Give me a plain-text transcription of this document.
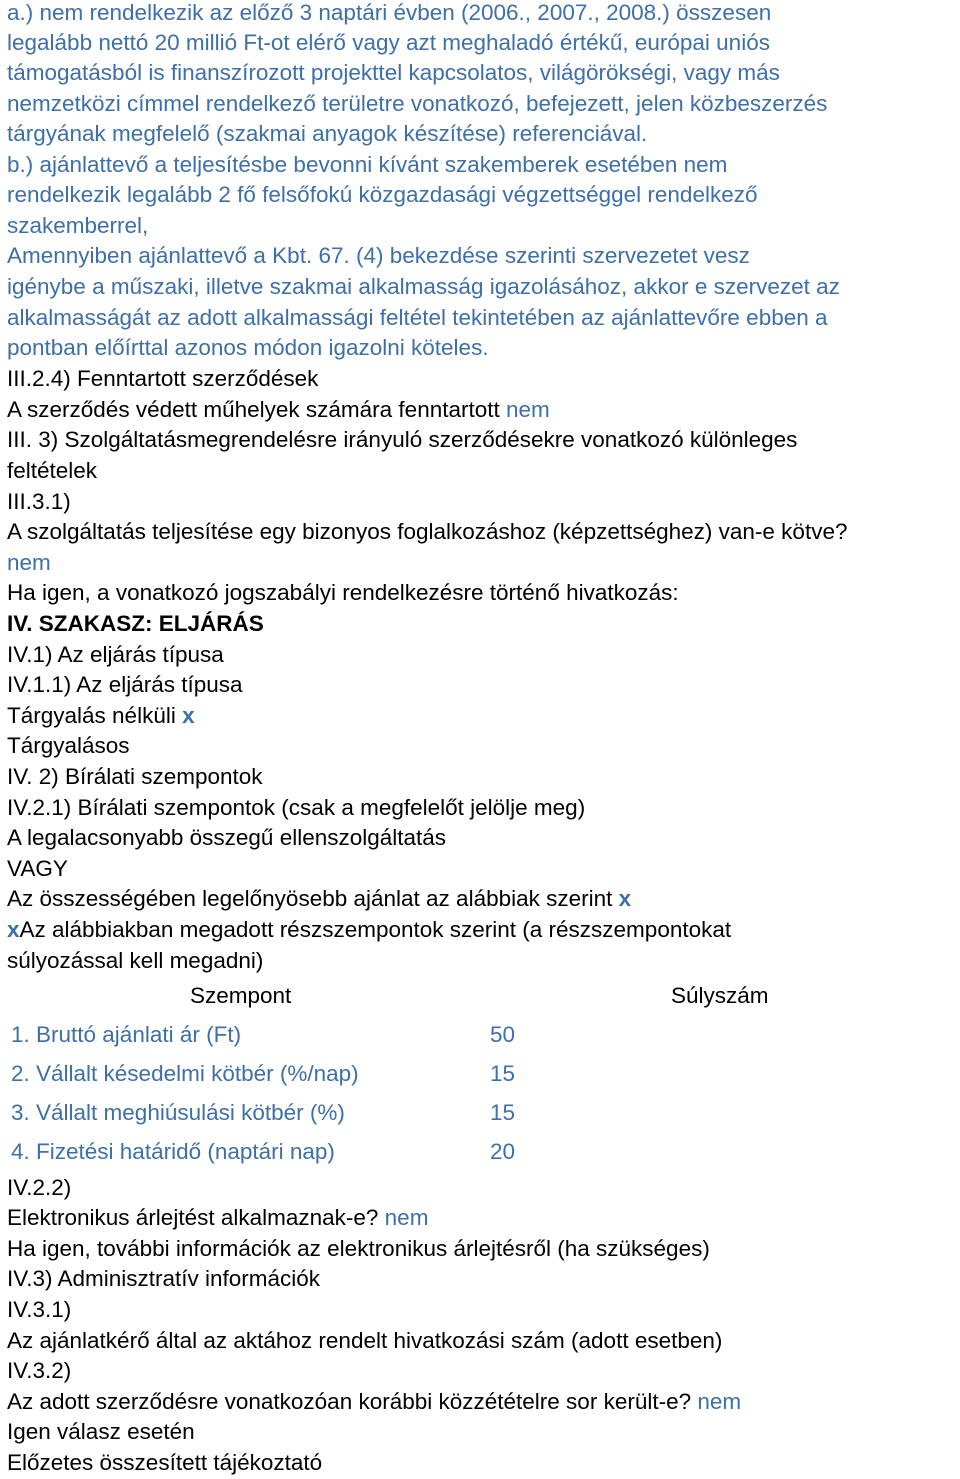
a.) nem rendelkezik az előző 3 naptári évben (2006., 2007., 2008.) összesen
legalább nettó 20 millió Ft-ot elérő vagy azt meghaladó értékű, európai uniós
támogatásból is finanszírozott projekttel kapcsolatos, világörökségi, vagy más
nemzetközi címmel rendelkező területre vonatkozó, befejezett, jelen közbeszerzés
tárgyának megfelelő (szakmai anyagok készítése) referenciával.
b.) ajánlattevő a teljesítésbe bevonni kívánt szakemberek esetében nem
rendelkezik legalább 2 fő felsőfokú közgazdasági végzettséggel rendelkező
szakemberrel,
Amennyiben ajánlattevő a Kbt. 67. (4) bekezdése szerinti szervezetet vesz
igénybe a műszaki, illetve szakmai alkalmasság igazolásához, akkor e szervezet az
alkalmasságát az adott alkalmassági feltétel tekintetében az ajánlattevőre ebben a
pontban előírttal azonos módon igazolni köteles.
III.2.4) Fenntartott szerződések
A szerződés védett műhelyek számára fenntartott nem
III. 3) Szolgáltatásmegrendelésre irányuló szerződésekre vonatkozó különleges
feltételek
III.3.1)
A szolgáltatás teljesítése egy bizonyos foglalkozáshoz (képzettséghez) van-e kötve?
nem
Ha igen, a vonatkozó jogszabályi rendelkezésre történő hivatkozás:
IV. SZAKASZ: ELJÁRÁS
IV.1) Az eljárás típusa
IV.1.1) Az eljárás típusa
Tárgyalás nélküli x
Tárgyalásos
IV. 2) Bírálati szempontok
IV.2.1) Bírálati szempontok (csak a megfelelőt jelölje meg)
A legalacsonyabb összegű ellenszolgáltatás
VAGY
Az összességében legelőnyösebb ajánlat az alábbiak szerint x
xAz alábbiakban megadott részszempontok szerint (a részszempontokat
súlyozással kell megadni)
Szempont	Súlyszám
1. Bruttó ajánlati ár (Ft)	50
2. Vállalt késedelmi kötbér (%/nap)	15
3. Vállalt meghiúsulási kötbér (%)	15
4. Fizetési határidő (naptári nap)	20
IV.2.2)
Elektronikus árlejtést alkalmaznak-e? nem
Ha igen, további információk az elektronikus árlejtésről (ha szükséges)
IV.3) Adminisztratív információk
IV.3.1)
Az ajánlatkérő által az aktához rendelt hivatkozási szám (adott esetben)
IV.3.2)
Az adott szerződésre vonatkozóan korábbi közzétételre sor került-e? nem
Igen válasz esetén
Előzetes összesített tájékoztató
